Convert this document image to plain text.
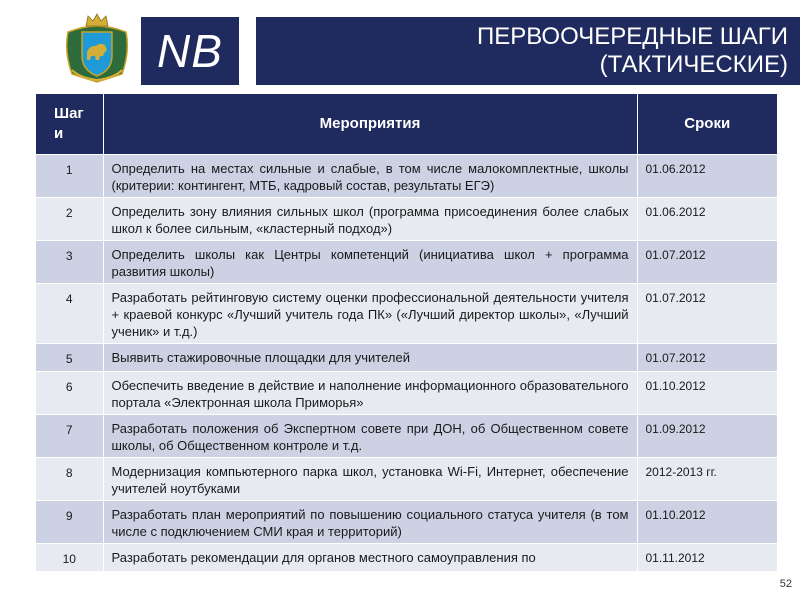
NB	ПЕРВООЧЕРЕДНЫЕ ШАГИ
(ТАКТИЧЕСКИЕ)
Шаг
и	Мероприятия	Сроки
1	Определить на местах сильные и слабые, в том числе малокомплектные, школы (критерии: контингент, МТБ, кадровый состав, результаты ЕГЭ)	01.06.2012
2	Определить зону влияния сильных школ (программа присоединения более слабых школ к более сильным, «кластерный подход»)	01.06.2012
3	Определить школы как Центры компетенций (инициатива школ + программа развития школы)	01.07.2012
4	Разработать рейтинговую систему оценки профессиональной деятельности учителя + краевой конкурс «Лучший учитель года ПК» («Лучший директор школы», «Лучший ученик» и т.д.)	01.07.2012
5	Выявить стажировочные площадки для учителей	01.07.2012
6	Обеспечить введение в действие и наполнение информационного образовательного портала «Электронная школа Приморья»	01.10.2012
7	Разработать положения об Экспертном совете при ДОН, об Общественном совете школы, об Общественном контроле и т.д.	01.09.2012
8	Модернизация компьютерного парка школ, установка Wi-Fi, Интернет, обеспечение учителей ноутбуками	2012-2013 гг.
9	Разработать план мероприятий по повышению социального статуса учителя (в том числе с подключением СМИ края и территорий)	01.10.2012
10	Разработать рекомендации для органов местного самоуправления по	01.11.2012
52
